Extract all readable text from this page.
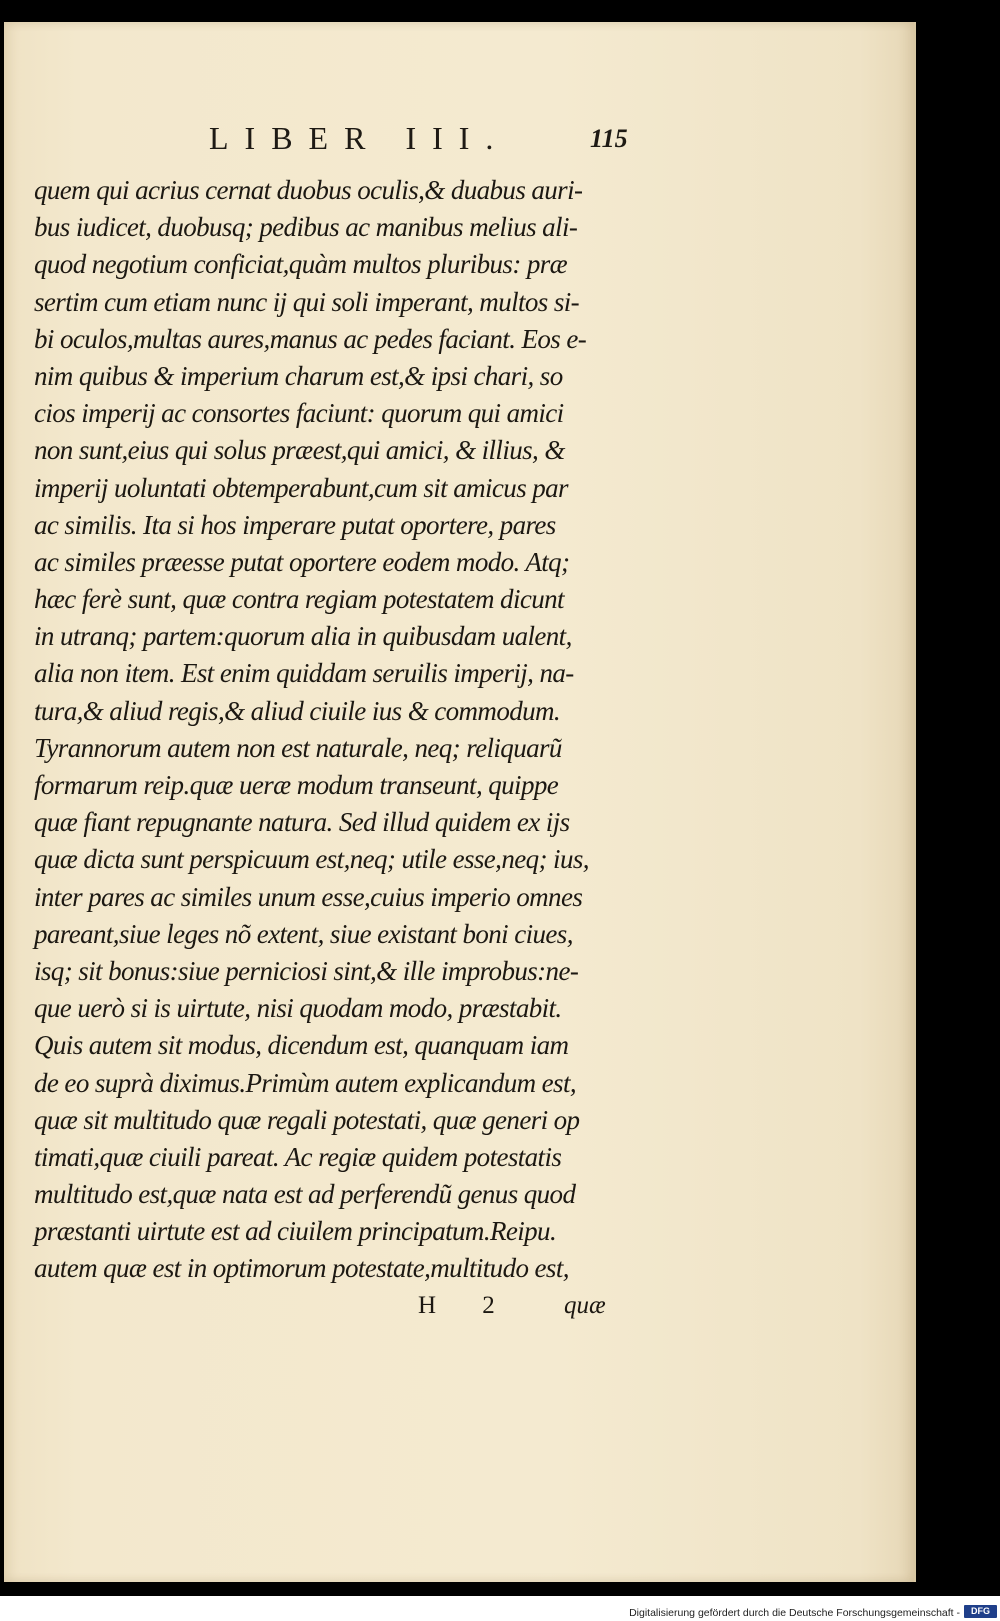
LIBER III.	115
quem qui acrius cernat duobus oculis,& duabus auri-
bus iudicet, duobusq; pedibus ac manibus melius ali-
quod negotium conficiat,quàm multos pluribus: præ
sertim cum etiam nunc ij qui soli imperant, multos si-
bi oculos,multas aures,manus ac pedes faciant. Eos e-
nim quibus & imperium charum est,& ipsi chari, so
cios imperij ac consortes faciunt: quorum qui amici
non sunt,eius qui solus præest,qui amici, & illius, &
imperij uoluntati obtemperabunt,cum sit amicus par
ac similis. Ita si hos imperare putat oportere, pares
ac similes præesse putat oportere eodem modo. Atq;
hæc ferè sunt, quæ contra regiam potestatem dicunt
in utranq; partem:quorum alia in quibusdam ualent,
alia non item. Est enim quiddam seruilis imperij, na-
tura,& aliud regis,& aliud ciuile ius & commodum.
Tyrannorum autem non est naturale, neq; reliquarũ
formarum reip.quæ ueræ modum transeunt, quippe
quæ fiant repugnante natura. Sed illud quidem ex ijs
quæ dicta sunt perspicuum est,neq; utile esse,neq; ius,
inter pares ac similes unum esse,cuius imperio omnes
pareant,siue leges nõ extent, siue existant boni ciues,
isq; sit bonus:siue perniciosi sint,& ille improbus:ne-
que uerò si is uirtute, nisi quodam modo, præstabit.
Quis autem sit modus, dicendum est, quanquam iam
de eo suprà diximus.Primùm autem explicandum est,
quæ sit multitudo quæ regali potestati, quæ generi op
timati,quæ ciuili pareat. Ac regiæ quidem potestatis
multitudo est,quæ nata est ad perferendũ genus quod
præstanti uirtute est ad ciuilem principatum.Reipu.
autem quæ est in optimorum potestate,multitudo est,
H 2 quæ
Digitalisierung gefördert durch die Deutsche Forschungsgemeinschaft -	DFG
